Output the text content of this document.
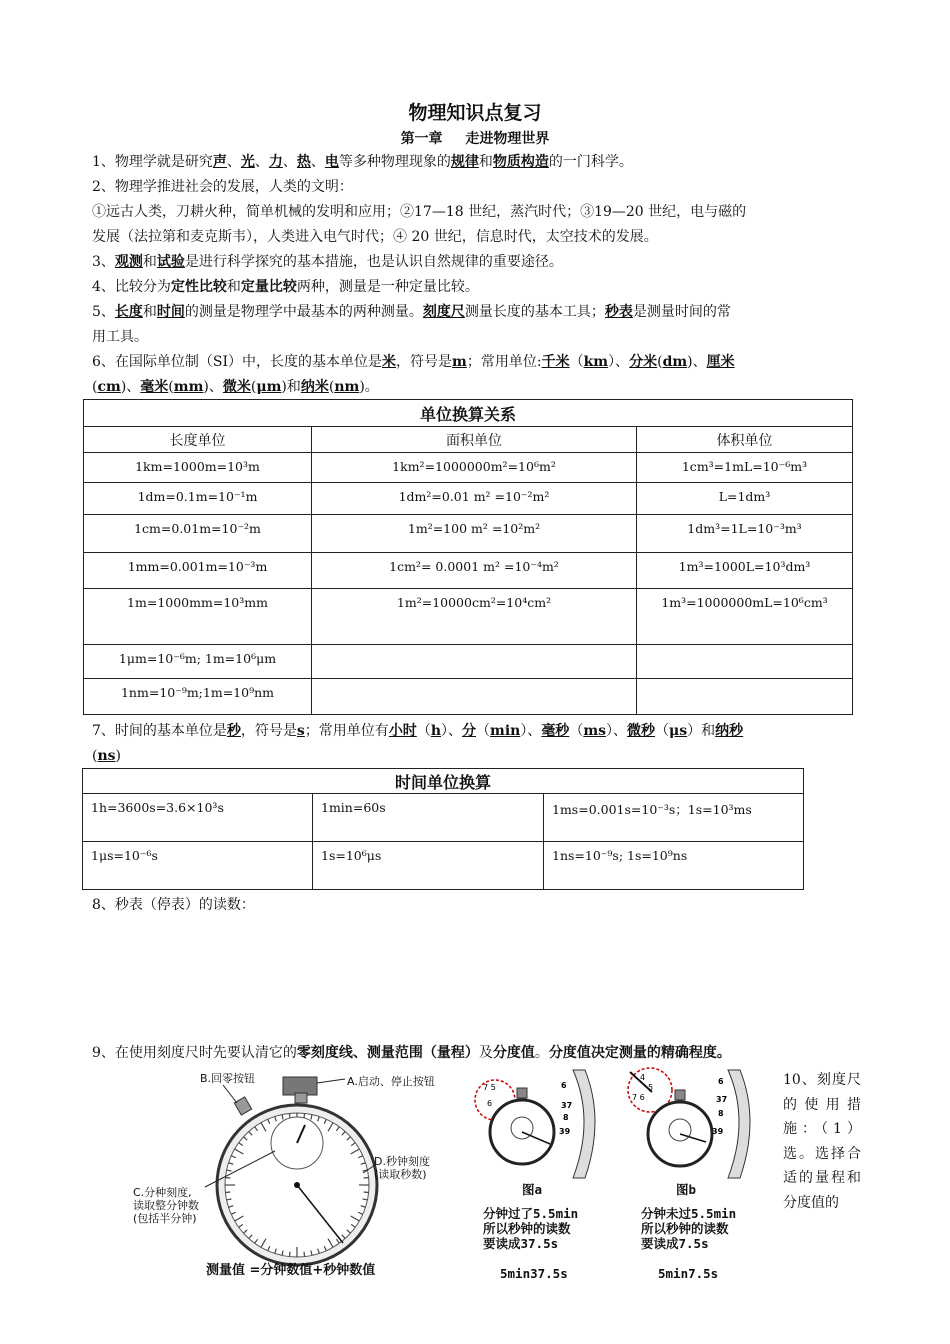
物理知识点复习
第一章 走进物理世界
1、物理学就是研究声、光、力、热、电等多种物理现象的规律和物质构造的一门科学。
2、物理学推进社会的发展，人类的文明：
①远古人类，刀耕火种，简单机械的发明和应用；②17—18 世纪，蒸汽时代；③19—20 世纪，电与磁的
发展（法拉第和麦克斯韦），人类进入电气时代；④ 20 世纪，信息时代，太空技术的发展。
3、观测和试验是进行科学探究的基本措施，也是认识自然规律的重要途径。
4、比较分为定性比较和定量比较两种，测量是一种定量比较。
5、长度和时间的测量是物理学中最基本的两种测量。刻度尺测量长度的基本工具；秒表是测量时间的常
用工具。
6、在国际单位制（SI）中，长度的基本单位是米，符号是m；常用单位:千米（km）、分米(dm)、厘米
(cm)、毫米(mm)、微米(μm)和纳米(nm)。
单位换算关系		
长度单位	面积单位	体积单位
1km=1000m=10³m	1km²=1000000m²=10⁶m²	1cm³=1mL=10⁻⁶m³
1dm=0.1m=10⁻¹m	1dm²=0.01 m² =10⁻²m²	L=1dm³
1cm=0.01m=10⁻²m	1m²=100 m² =10²m²	1dm³=1L=10⁻³m³
1mm=0.001m=10⁻³m	1cm²= 0.0001 m² =10⁻⁴m²	1m³=1000L=10³dm³
1m=1000mm=10³mm	1m²=10000cm²=10⁴cm²	1m³=1000000mL=10⁶cm³
1μm=10⁻⁶m; 1m=10⁶μm		
1nm=10⁻⁹m;1m=10⁹nm		
7、时间的基本单位是秒，符号是s；常用单位有小时（h）、分（min）、毫秒（ms）、微秒（μs）和纳秒
(ns)
时间单位换算		
1h=3600s=3.6×10³s	1min=60s	1ms=0.001s=10⁻³s；1s=10³ms
1μs=10⁻⁶s	1s=10⁶μs	1ns=10⁻⁹s; 1s=10⁹ns
8、秒表（停表）的读数：
9、在使用刻度尺时先要认清它的零刻度线、测量范围（量程）及分度值。分度值决定测量的精确程度。
B.回零按钮	A.启动、停止按钮
D.秒钟刻度
(读取秒数)
C.分种刻度,
读取整分钟数
(包括半分钟)
测量值 =分钟数值+秒钟数值
7 5
6
6
37
8
39
图a
分钟过了5.5min
所以秒钟的读数
要读成37.5s
5min37.5s
4
5
7 6
6
37
8
39
图b
分钟未过5.5min
所以秒钟的读数
要读成7.5s
5min7.5s
10、刻度尺的使用措施：（1）选。选择合适的量程和分度值的
